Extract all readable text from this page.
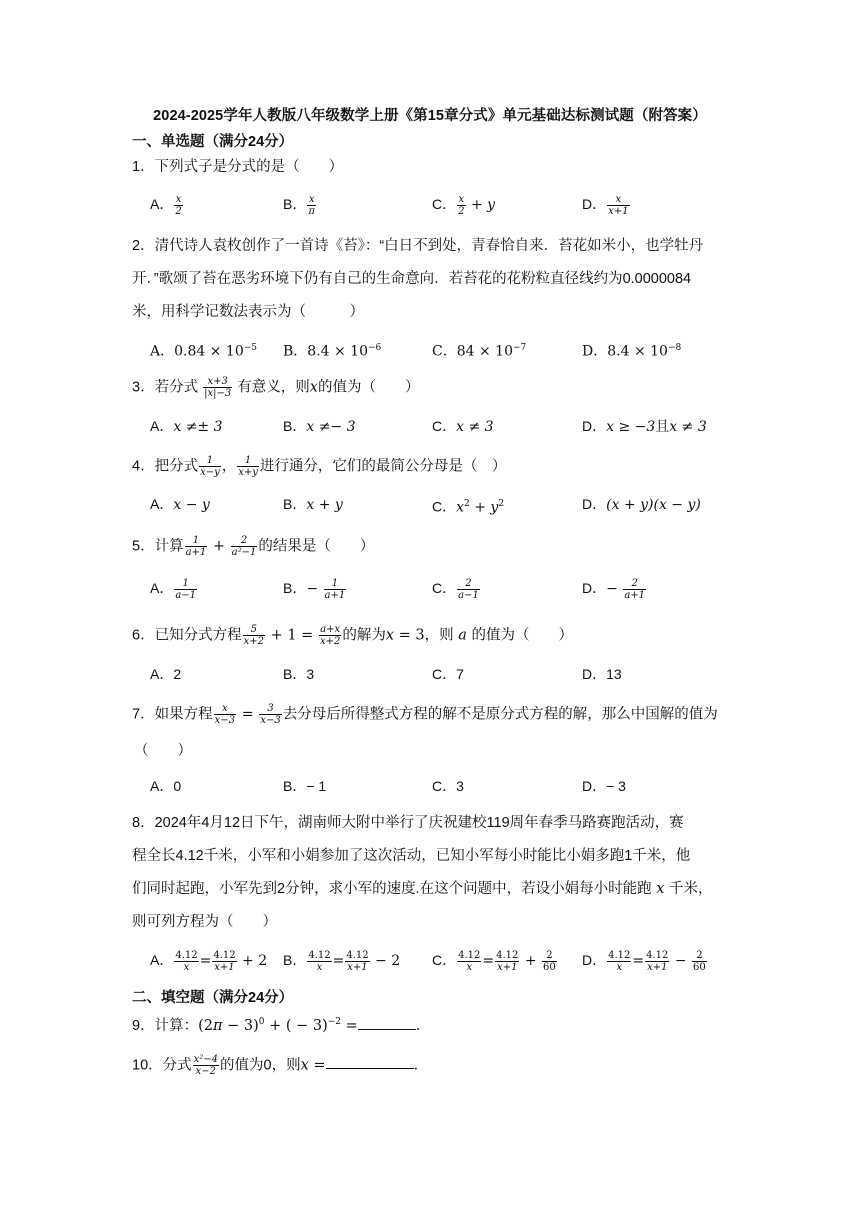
2024-2025学年人教版八年级数学上册《第15章分式》单元基础达标测试题（附答案）
一、单选题（满分24分）
1．下列式子是分式的是（　　）
A． $\frac{x}{2}$	B． $\frac{x}{\pi}$	C． $\frac{x}{2} + y$	D． $\frac{x}{x+1}$
2．清代诗人袁枚创作了一首诗《苔》：“白日不到处，青春恰自来．苔花如米小，也学牡丹
开．”歌颂了苔在恶劣环境下仍有自己的生命意向．若苔花的花粉粒直径线约为0.0000084
米，用科学记数法表示为（　　　）
A．$0.84 \times 10^{-5}$ B．$8.4 \times 10^{-6}$	C．$84 \times 10^{-7}$	D．$8.4 \times 10^{-8}$
3．若分式 $\frac{x+3}{|x|-3}$ 有意义，则x的值为（　　）
A．x ≠± 3	B．x ≠− 3	C．x ≠ 3	D．x ≥ −3且x ≠ 3
4．把分式 $\frac{1}{x-y}$ ， $\frac{1}{x+y}$ 进行通分，它们的最简公分母是（　）
A．x − y	B．x + y	C．$x^2 + y^2$	D．(x + y)(x − y)
5．计算 $\frac{1}{a+1} + \frac{2}{\text{a²−1}}$ 的结果是（　　）
A． $\frac{1}{a-1}$	B．− $\frac{1}{a+1}$	C． $\frac{2}{a-1}$	D．− $\frac{2}{a+1}$
6．已知分式方程 $\frac{5}{x+2} + 1 = \frac{a+x}{x+2}$ 的解为x = 3，则 a 的值为（　　）
A．2	B．3	C．7	D．13
7．如果方程 $\frac{x}{x-3} = \frac{3}{x-3}$ 去分母后所得整式方程的解不是原分式方程的解，那么中国解的值为
（　　）
A．0	B．− 1	C．3	D．− 3
8．2024年4月12日下午，湖南师大附中举行了庆祝建校119周年春季马路赛跑活动，赛
程全长4.12千米，小军和小娟参加了这次活动，已知小军每小时能比小娟多跑1千米，他
们同时起跑，小军先到2分钟，求小军的速度.在这个问题中，若设小娟每小时能跑 x 千米，
则可列方程为（　　）
A． $\frac{4.12}{x} = \frac{4.12}{x+1} + 2$ B． $\frac{4.12}{x} = \frac{4.12}{x+1} - 2$ C． $\frac{4.12}{x} = \frac{4.12}{x+1} + \frac{2}{60}$ D． $\frac{4.12}{x} = \frac{4.12}{x+1} - \frac{2}{60}$
二、填空题（满分24分）
9．计算：$(2\pi - 3)^0$ + ( − 3)$^{-2}$ =	．
10．分式 $\frac{\text{x²−4}}{x-2}$ 的值为0，则x =	．
